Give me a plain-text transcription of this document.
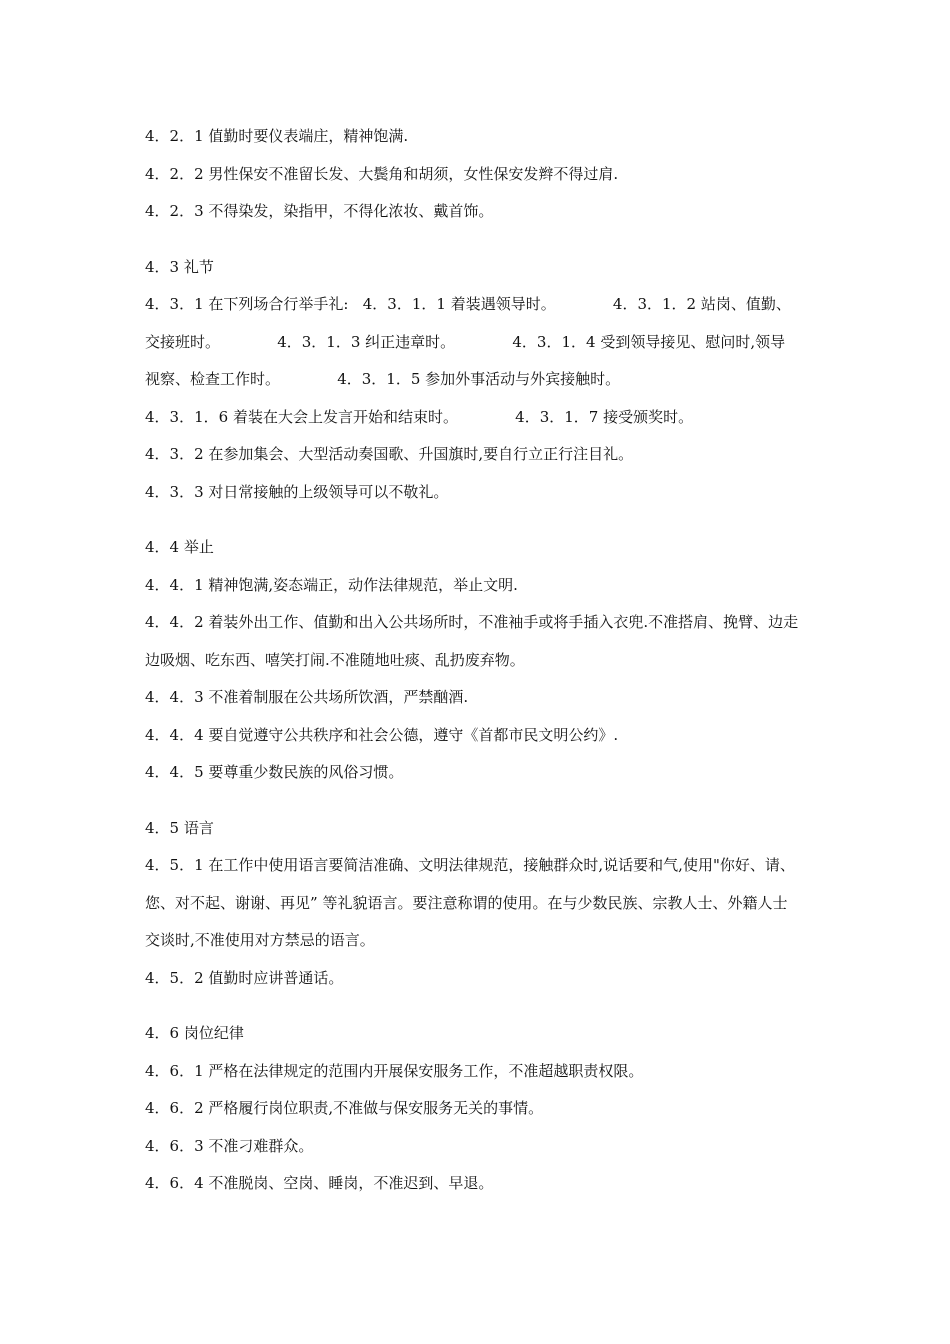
4．2．1 值勤时要仪表端庄，精神饱满.

4．2．2 男性保安不准留长发、大鬓角和胡须，女性保安发辫不得过肩.

4．2．3 不得染发，染指甲，不得化浓妆、戴首饰。

4．3 礼节

4．3．1 在下列场合行举手礼:   4．3．1．1 着装遇领导时。            4．3．1．2 站岗、值勤、交接班时。            4．3．1．3 纠正违章时。            4．3．1．4 受到领导接见、慰问时,领导视察、检查工作时。            4．3．1．5 参加外事活动与外宾接触时。

4．3．1．6 着装在大会上发言开始和结束时。            4．3．1．7 接受颁奖时。

4．3．2 在参加集会、大型活动奏国歌、升国旗时,要自行立正行注目礼。

4．3．3 对日常接触的上级领导可以不敬礼。

4．4 举止

4．4．1 精神饱满,姿态端正，动作法律规范，举止文明.

4．4．2 着装外出工作、值勤和出入公共场所时，不准袖手或将手插入衣兜.不准搭肩、挽臂、边走边吸烟、吃东西、嘻笑打闹.不准随地吐痰、乱扔废弃物。

4．4．3 不准着制服在公共场所饮酒，严禁酗酒.

4．4．4 要自觉遵守公共秩序和社会公德，遵守《首都市民文明公约》.

4．4．5 要尊重少数民族的风俗习惯。

4．5 语言

4．5．1 在工作中使用语言要简洁准确、文明法律规范，接触群众时,说话要和气,使用"你好、请、您、对不起、谢谢、再见” 等礼貌语言。要注意称谓的使用。在与少数民族、宗教人士、外籍人士交谈时,不准使用对方禁忌的语言。

4．5．2 值勤时应讲普通话。

4．6 岗位纪律

4．6．1 严格在法律规定的范围内开展保安服务工作，不准超越职责权限。

4．6．2 严格履行岗位职责,不准做与保安服务无关的事情。

4．6．3 不准刁难群众。

4．6．4 不准脱岗、空岗、睡岗，不准迟到、早退。
